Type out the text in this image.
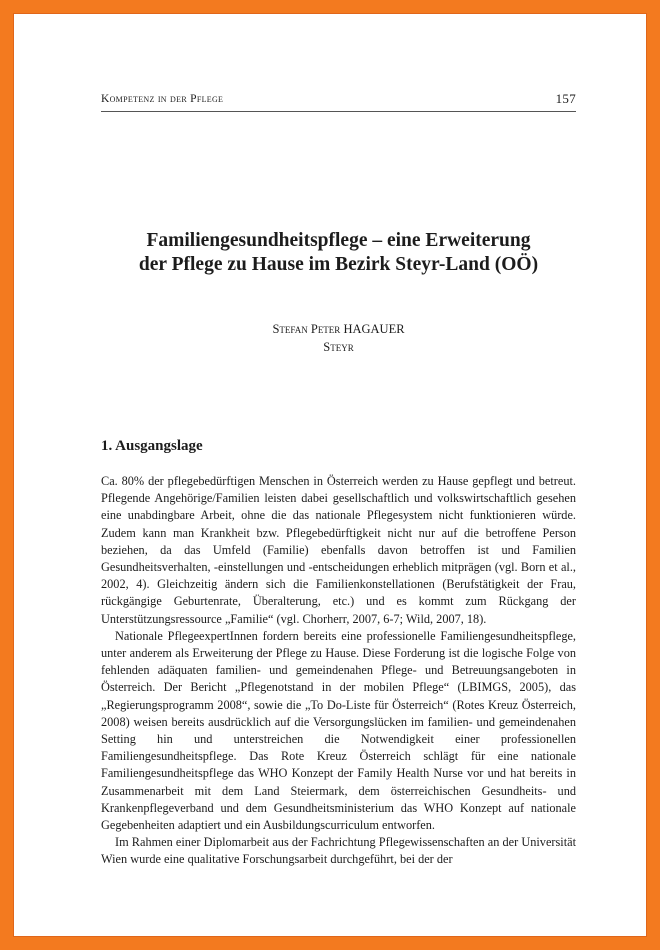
Kompetenz in der Pflege	157
Familiengesundheitspflege – eine Erweiterung
der Pflege zu Hause im Bezirk Steyr-Land (OÖ)
Stefan Peter HAGAUER
Steyr
1. Ausgangslage

Ca. 80% der pflegebedürftigen Menschen in Österreich werden zu Hause gepflegt und betreut. Pflegende Angehörige/Familien leisten dabei gesellschaftlich und volkswirtschaftlich gesehen eine unabdingbare Arbeit, ohne die das nationale Pflegesystem nicht funktionieren würde. Zudem kann man Krankheit bzw. Pflegebedürftigkeit nicht nur auf die betroffene Person beziehen, da das Umfeld (Familie) ebenfalls davon betroffen ist und Familien Gesundheitsverhalten, -einstellungen und -entscheidungen erheblich mitprägen (vgl. Born et al., 2002, 4). Gleichzeitig ändern sich die Familienkonstellationen (Berufstätigkeit der Frau, rückgängige Geburtenrate, Überalterung, etc.) und es kommt zum Rückgang der Unterstützungsressource „Familie“ (vgl. Chorherr, 2007, 6-7; Wild, 2007, 18).

Nationale PflegeexpertInnen fordern bereits eine professionelle Familiengesundheitspflege, unter anderem als Erweiterung der Pflege zu Hause. Diese Forderung ist die logische Folge von fehlenden adäquaten familien- und gemeindenahen Pflege- und Betreuungsangeboten in Österreich. Der Bericht „Pflegenotstand in der mobilen Pflege“ (LBIMGS, 2005), das „Regierungsprogramm 2008“, sowie die „To Do-Liste für Österreich“ (Rotes Kreuz Österreich, 2008) weisen bereits ausdrücklich auf die Versorgungslücken im familien- und gemeindenahen Setting hin und unterstreichen die Notwendigkeit einer professionellen Familiengesundheitspflege. Das Rote Kreuz Österreich schlägt für eine nationale Familiengesundheitspflege das WHO Konzept der Family Health Nurse vor und hat bereits in Zusammenarbeit mit dem Land Steiermark, dem österreichischen Gesundheits- und Krankenpflegeverband und dem Gesundheitsministerium das WHO Konzept auf nationale Gegebenheiten adaptiert und ein Ausbildungscurriculum entworfen.

Im Rahmen einer Diplomarbeit aus der Fachrichtung Pflegewissenschaften an der Universität Wien wurde eine qualitative Forschungsarbeit durchgeführt, bei der der
